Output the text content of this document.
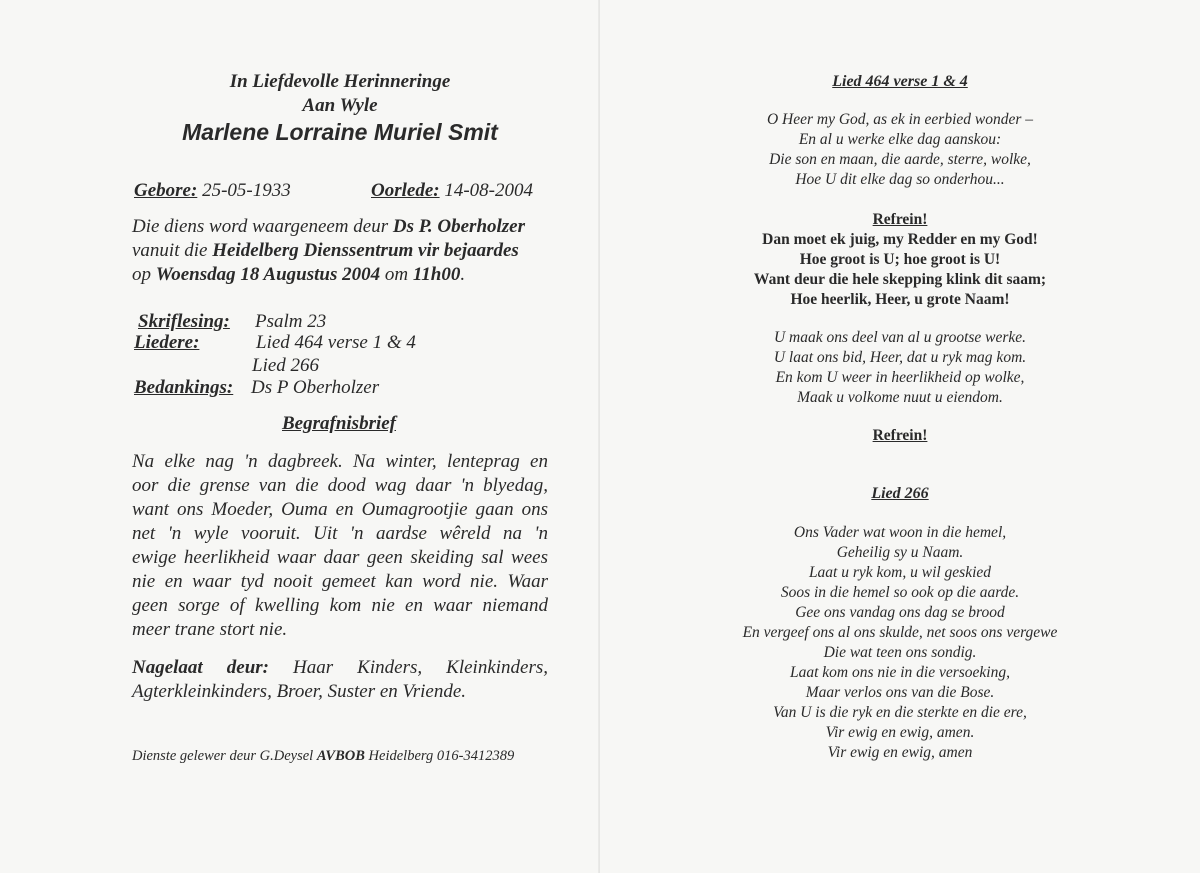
In Liefdevolle Herinneringe
Aan Wyle
Marlene Lorraine Muriel Smit
Gebore: 25-05-1933	Oorlede: 14-08-2004
Die diens word waargeneem deur Ds P. Oberholzer
vanuit die Heidelberg Dienssentrum vir bejaardes
op Woensdag 18 Augustus 2004 om 11h00.
Skriflesing: Psalm 23
Liedere:	Lied 464 verse 1 & 4
Lied 266
Bedankings: Ds P Oberholzer
Begrafnisbrief
Na elke nag 'n dagbreek. Na winter, lenteprag en
oor die grense van die dood wag daar 'n blyedag,
want ons Moeder, Ouma en Oumagrootjie gaan ons
net 'n wyle vooruit. Uit 'n aardse wêreld na 'n
ewige heerlikheid waar daar geen skeiding sal wees
nie en waar tyd nooit gemeet kan word nie. Waar
geen sorge of kwelling kom nie en waar niemand
meer trane stort nie.
Nagelaat deur: Haar Kinders, Kleinkinders,
Agterkleinkinders, Broer, Suster en Vriende.
Dienste gelewer deur G.Deysel AVBOB Heidelberg 016-3412389
Lied 464 verse 1 & 4
O Heer my God, as ek in eerbied wonder –
En al u werke elke dag aanskou:
Die son en maan, die aarde, sterre, wolke,
Hoe U dit elke dag so onderhou...
Refrein!
Dan moet ek juig, my Redder en my God!
Hoe groot is U; hoe groot is U!
Want deur die hele skepping klink dit saam;
Hoe heerlik, Heer, u grote Naam!
U maak ons deel van al u grootse werke.
U laat ons bid, Heer, dat u ryk mag kom.
En kom U weer in heerlikheid op wolke,
Maak u volkome nuut u eiendom.
Refrein!
Lied 266
Ons Vader wat woon in die hemel,
Geheilig sy u Naam.
Laat u ryk kom, u wil geskied
Soos in die hemel so ook op die aarde.
Gee ons vandag ons dag se brood
En vergeef ons al ons skulde, net soos ons vergewe
Die wat teen ons sondig.
Laat kom ons nie in die versoeking,
Maar verlos ons van die Bose.
Van U is die ryk en die sterkte en die ere,
Vir ewig en ewig, amen.
Vir ewig en ewig, amen
